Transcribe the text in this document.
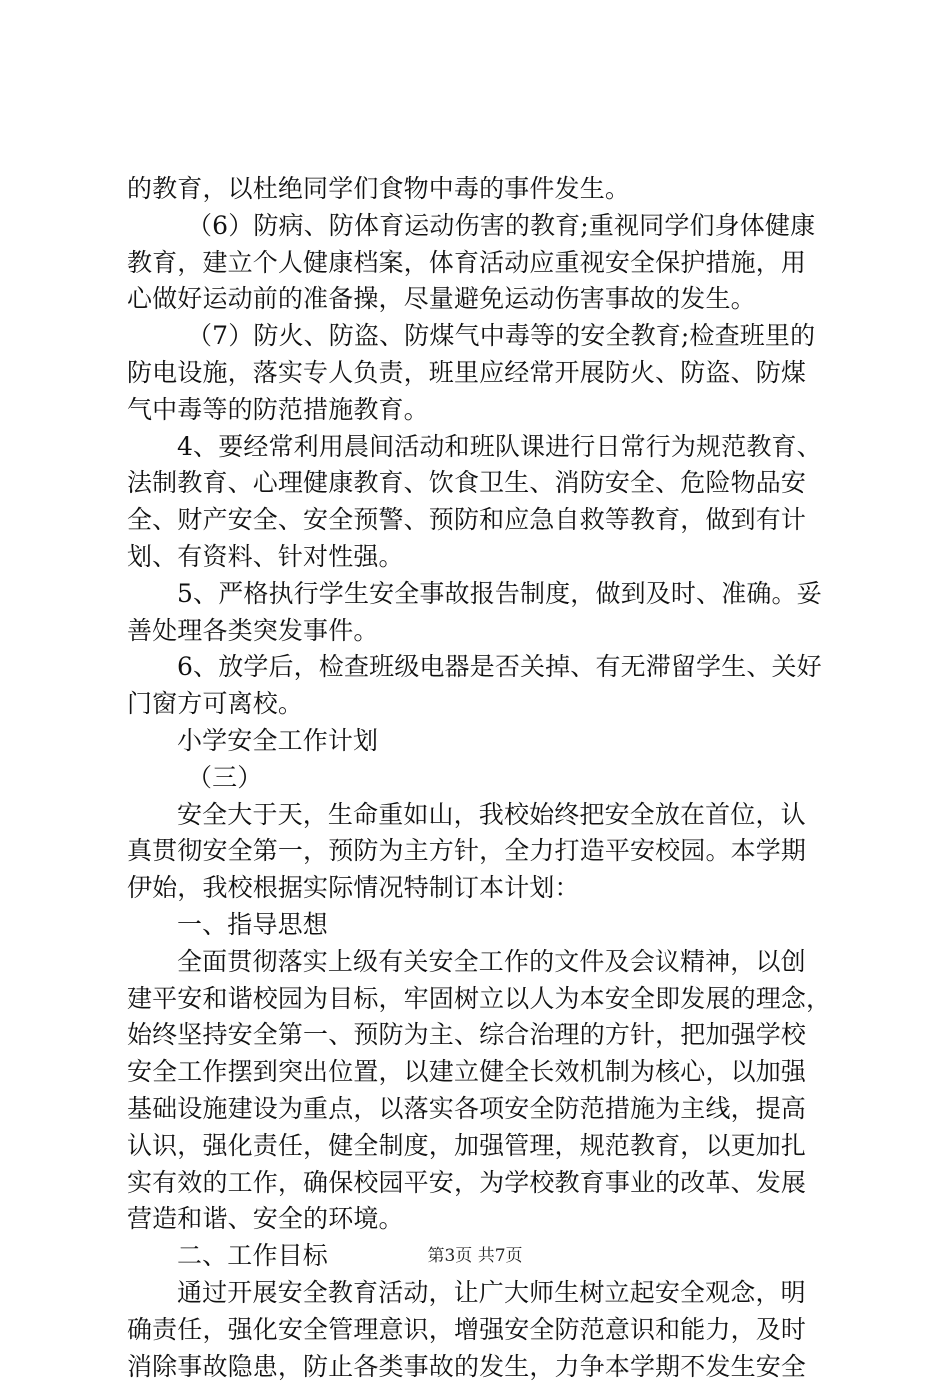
的教育，以杜绝同学们食物中毒的事件发生。
（6）防病、防体育运动伤害的教育;重视同学们身体健康
教育，建立个人健康档案，体育活动应重视安全保护措施，用
心做好运动前的准备操，尽量避免运动伤害事故的发生。
（7）防火、防盗、防煤气中毒等的安全教育;检查班里的
防电设施，落实专人负责，班里应经常开展防火、防盗、防煤
气中毒等的防范措施教育。
4、要经常利用晨间活动和班队课进行日常行为规范教育、
法制教育、心理健康教育、饮食卫生、消防安全、危险物品安
全、财产安全、安全预警、预防和应急自救等教育，做到有计
划、有资料、针对性强。
5、严格执行学生安全事故报告制度，做到及时、准确。妥
善处理各类突发事件。
6、放学后，检查班级电器是否关掉、有无滞留学生、关好
门窗方可离校。
小学安全工作计划
（三）
安全大于天，生命重如山，我校始终把安全放在首位，认
真贯彻安全第一，预防为主方针，全力打造平安校园。本学期
伊始，我校根据实际情况特制订本计划：
一、指导思想
全面贯彻落实上级有关安全工作的文件及会议精神，以创
建平安和谐校园为目标，牢固树立以人为本安全即发展的理念，
始终坚持安全第一、预防为主、综合治理的方针，把加强学校
安全工作摆到突出位置，以建立健全长效机制为核心，以加强
基础设施建设为重点，以落实各项安全防范措施为主线，提高
认识，强化责任，健全制度，加强管理，规范教育，以更加扎
实有效的工作，确保校园平安，为学校教育事业的改革、发展
营造和谐、安全的环境。
二、工作目标
通过开展安全教育活动，让广大师生树立起安全观念，明
确责任，强化安全管理意识，增强安全防范意识和能力，及时
消除事故隐患，防止各类事故的发生，力争本学期不发生安全
第3页 共7页
